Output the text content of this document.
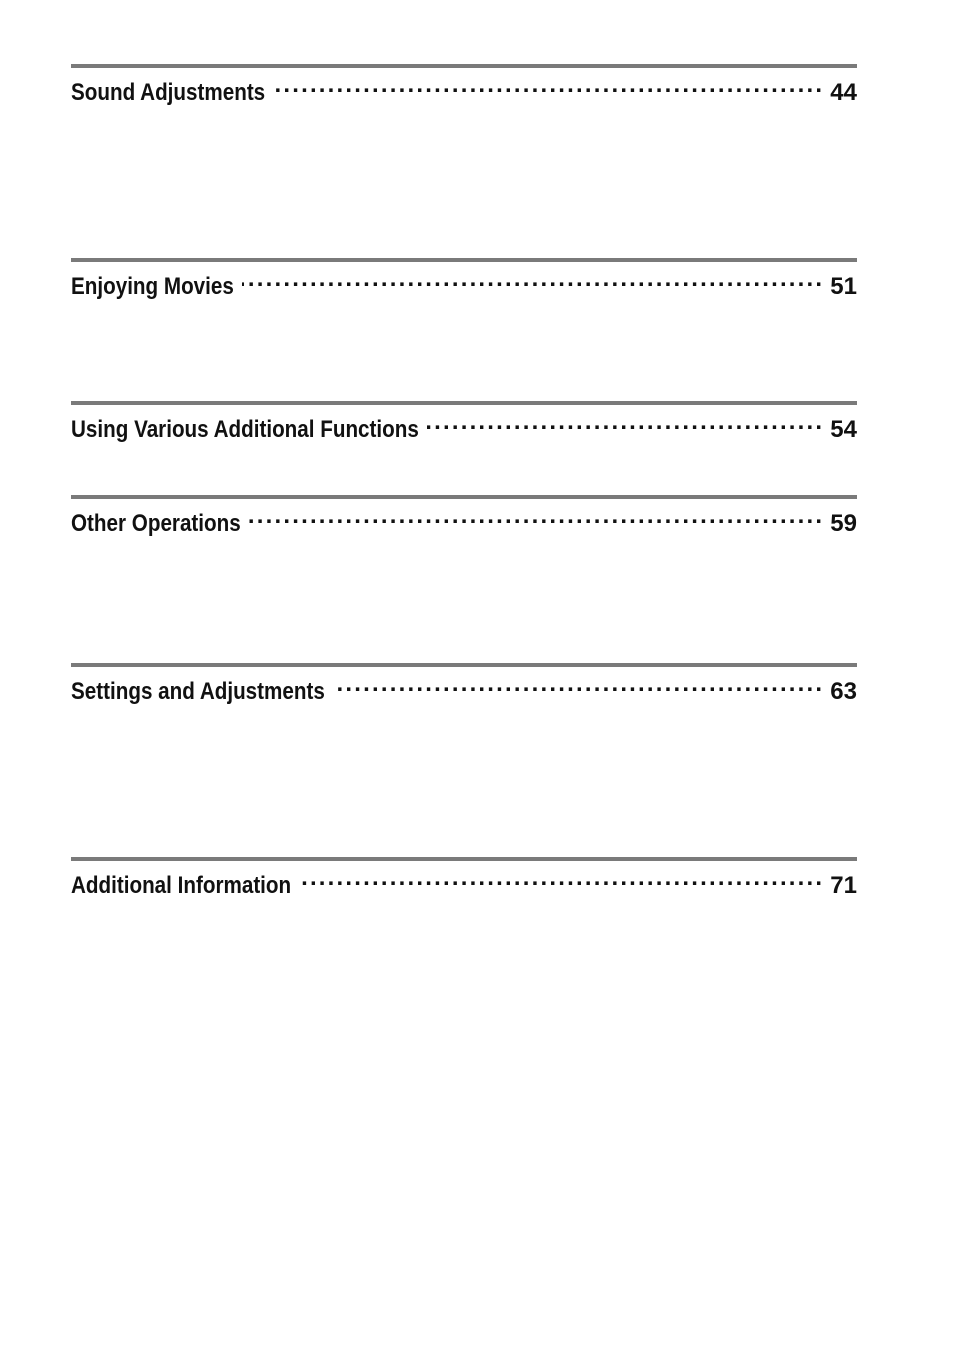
Sound Adjustments .....	44
Enjoying Movies .....	51
Using Various Additional Functions .....	54
Other Operations .....	59
Settings and Adjustments .....	63
Additional Information .....	71
